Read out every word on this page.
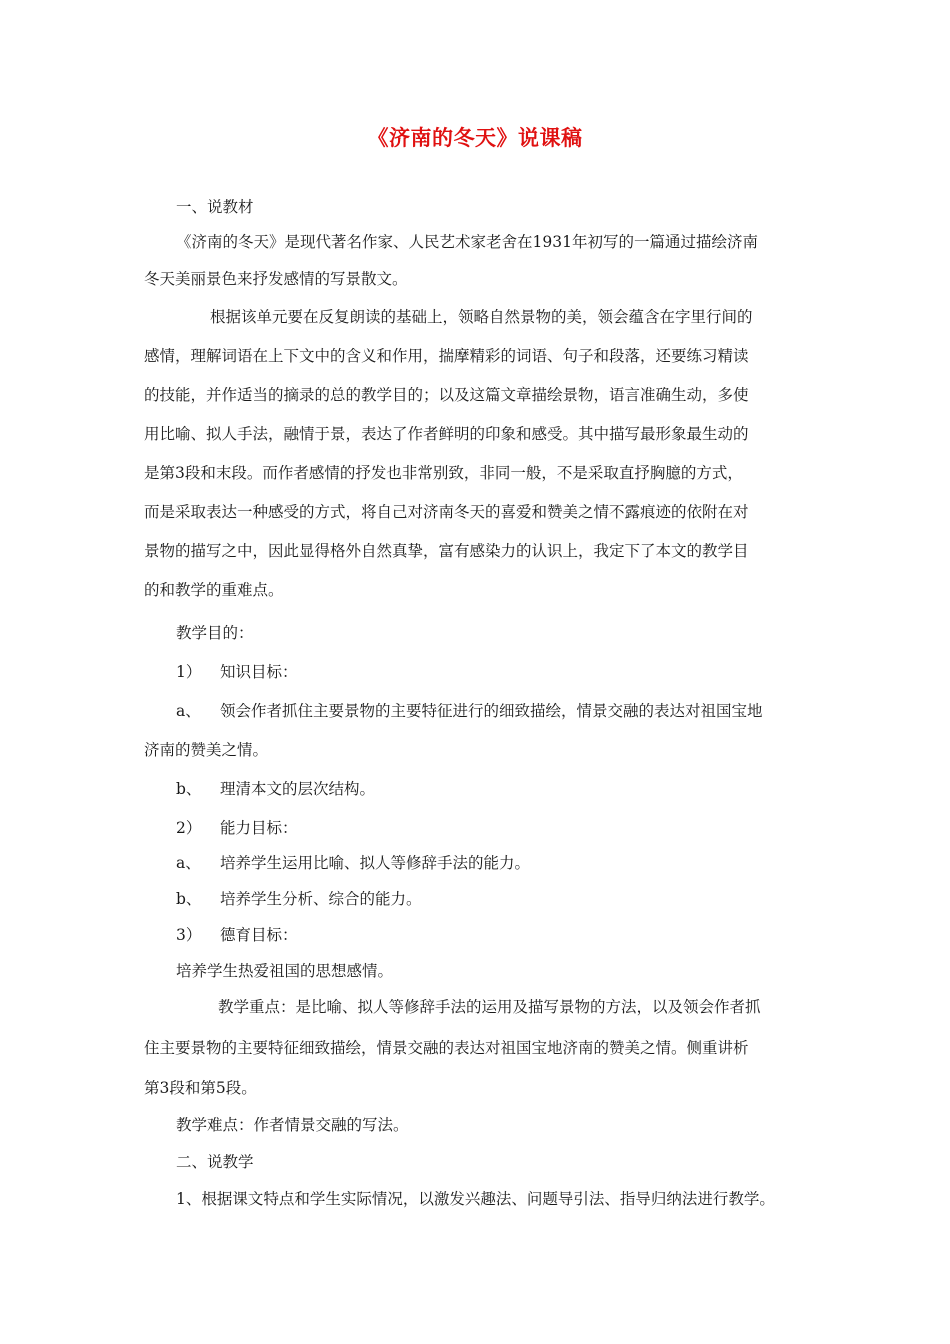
《济南的冬天》说课稿
一、说教材
《济南的冬天》是现代著名作家、人民艺术家老舍在1931年初写的一篇通过描绘济南
冬天美丽景色来抒发感情的写景散文。
根据该单元要在反复朗读的基础上，领略自然景物的美，领会蕴含在字里行间的
感情，理解词语在上下文中的含义和作用，揣摩精彩的词语、句子和段落，还要练习精读
的技能，并作适当的摘录的总的教学目的；以及这篇文章描绘景物，语言准确生动，多使
用比喻、拟人手法，融情于景，表达了作者鲜明的印象和感受。其中描写最形象最生动的
是第3段和末段。而作者感情的抒发也非常别致，非同一般，不是采取直抒胸臆的方式，
而是采取表达一种感受的方式，将自己对济南冬天的喜爱和赞美之情不露痕迹的依附在对
景物的描写之中，因此显得格外自然真挚，富有感染力的认识上，我定下了本文的教学目
的和教学的重难点。
教学目的：
1） 知识目标：
a、 领会作者抓住主要景物的主要特征进行的细致描绘，情景交融的表达对祖国宝地
济南的赞美之情。
b、 理清本文的层次结构。
2） 能力目标：
a、 培养学生运用比喻、拟人等修辞手法的能力。
b、 培养学生分析、综合的能力。
3） 德育目标：
培养学生热爱祖国的思想感情。
教学重点：是比喻、拟人等修辞手法的运用及描写景物的方法，以及领会作者抓
住主要景物的主要特征细致描绘，情景交融的表达对祖国宝地济南的赞美之情。侧重讲析
第3段和第5段。
教学难点：作者情景交融的写法。
二、说教学
1、根据课文特点和学生实际情况，以激发兴趣法、问题导引法、指导归纳法进行教学。
